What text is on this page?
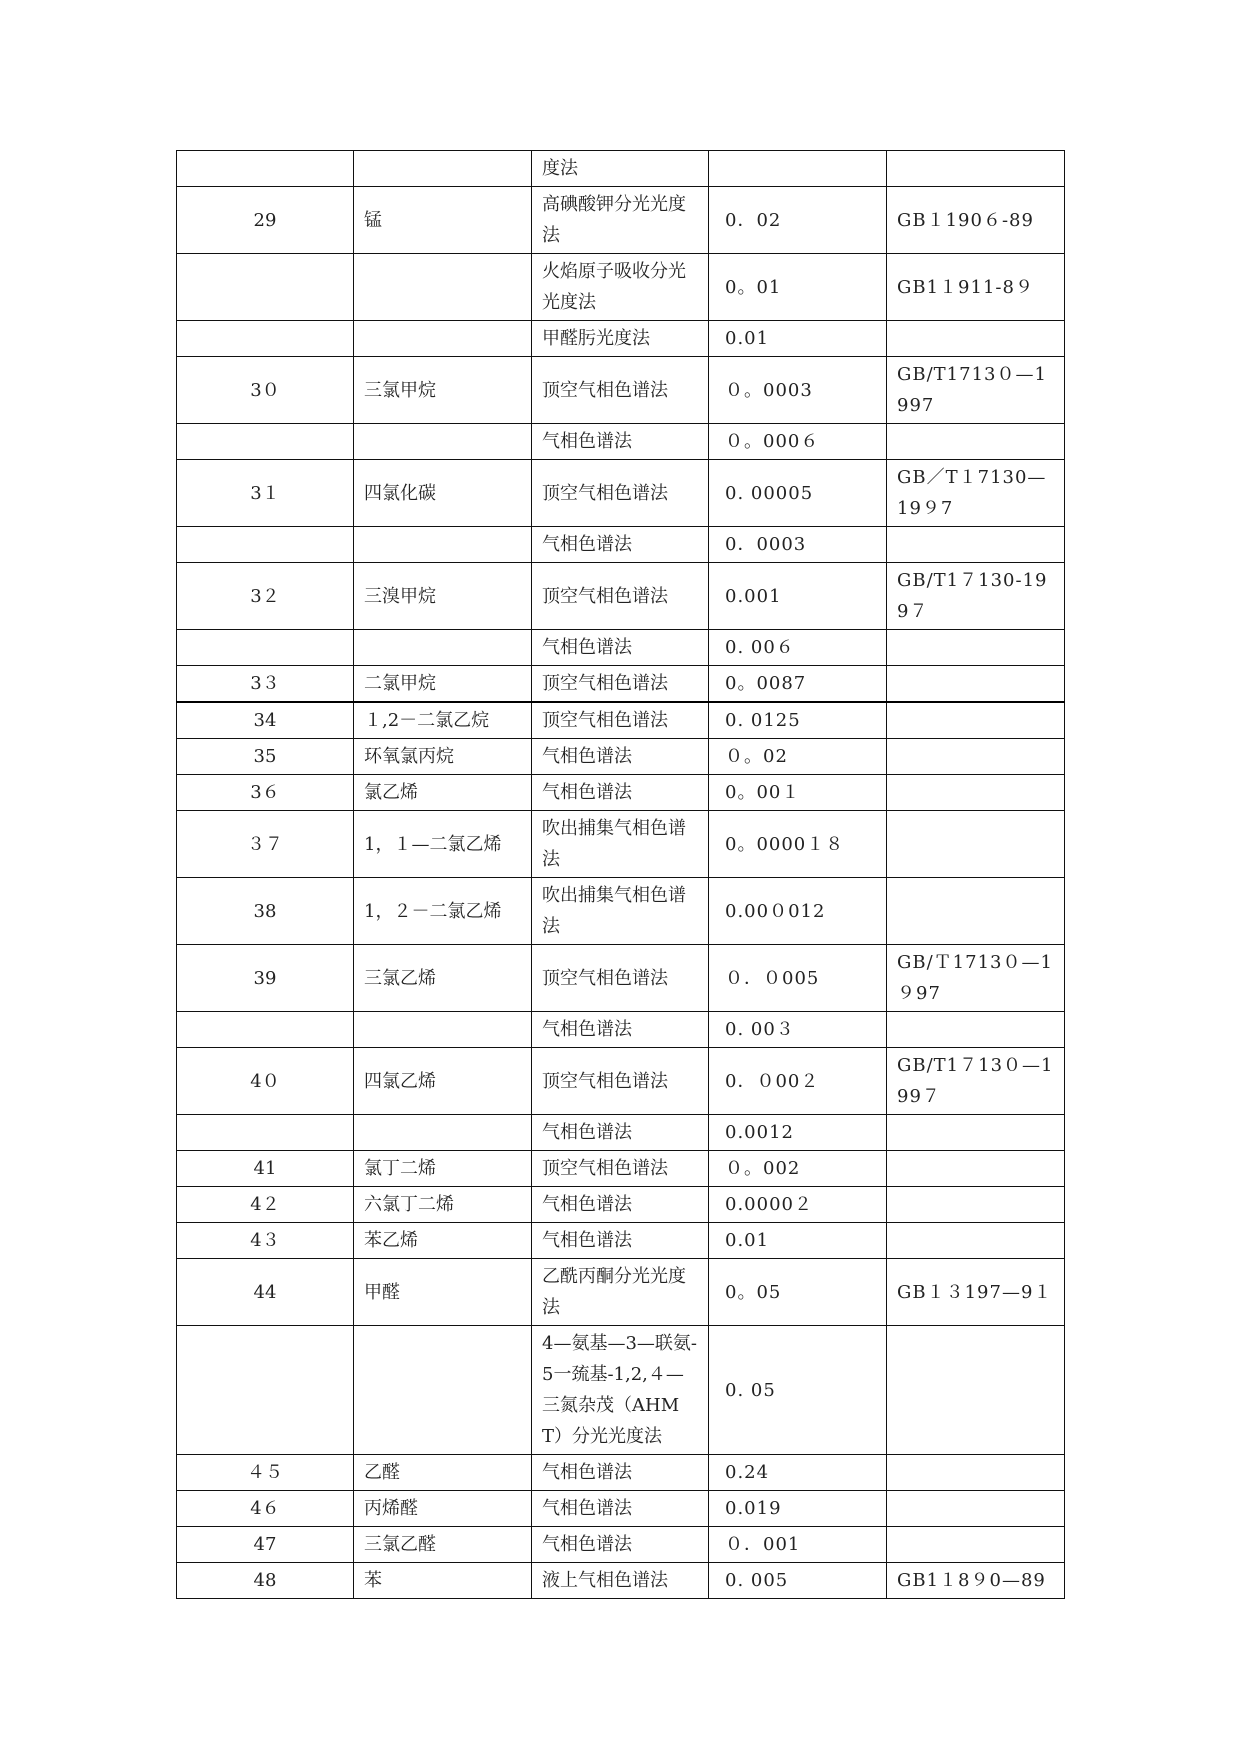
		度法		
29	锰	高碘酸钾分光光度法	0．02	GB１190６-89
		火焰原子吸收分光光度法	0。01	GB1１911-8９
		甲醛肟光度法	0.01	
3０	三氯甲烷	顶空气相色谱法	０。0003	GB/T1713０—1997
		气相色谱法	０。000６	
3１	四氯化碳	顶空气相色谱法	0. 00005	GB／T１7130—19９7
		气相色谱法	0．0003	
3２	三溴甲烷	顶空气相色谱法	0.001	GB/T1７130-199７
		气相色谱法	0. 00６	
3３	二氯甲烷	顶空气相色谱法	0。0087	
34	１,2－二氯乙烷	顶空气相色谱法	0. 0125	
35	环氧氯丙烷	气相色谱法	０。02	
3６	氯乙烯	气相色谱法	0。00１	
３７	1，１—二氯乙烯	吹出捕集气相色谱法	0。0000１８	
38	1，２－二氯乙烯	吹出捕集气相色谱法	0.00０012	
39	三氯乙烯	顶空气相色谱法	０．０005	GB/Ｔ1713０—1９97
		气相色谱法	0. 00３	
4０	四氯乙烯	顶空气相色谱法	0．０00２	GB/T1７13０—199７
		气相色谱法	0.0012	
41	氯丁二烯	顶空气相色谱法	０。002	
4２	六氯丁二烯	气相色谱法	0.0000２	
4３	苯乙烯	气相色谱法	0.01	
44	甲醛	乙酰丙酮分光光度法	0。05	GB１３197—9１
		4—氨基—3—联氨-5一巯基-1,2,４—三氮杂茂（AHMT）分光光度法	0. 05	
４５	乙醛	气相色谱法	0.24	
4６	丙烯醛	气相色谱法	0.019	
47	三氯乙醛	气相色谱法	０．001	
48	苯	液上气相色谱法	0. 005	GB1１8９0—89
